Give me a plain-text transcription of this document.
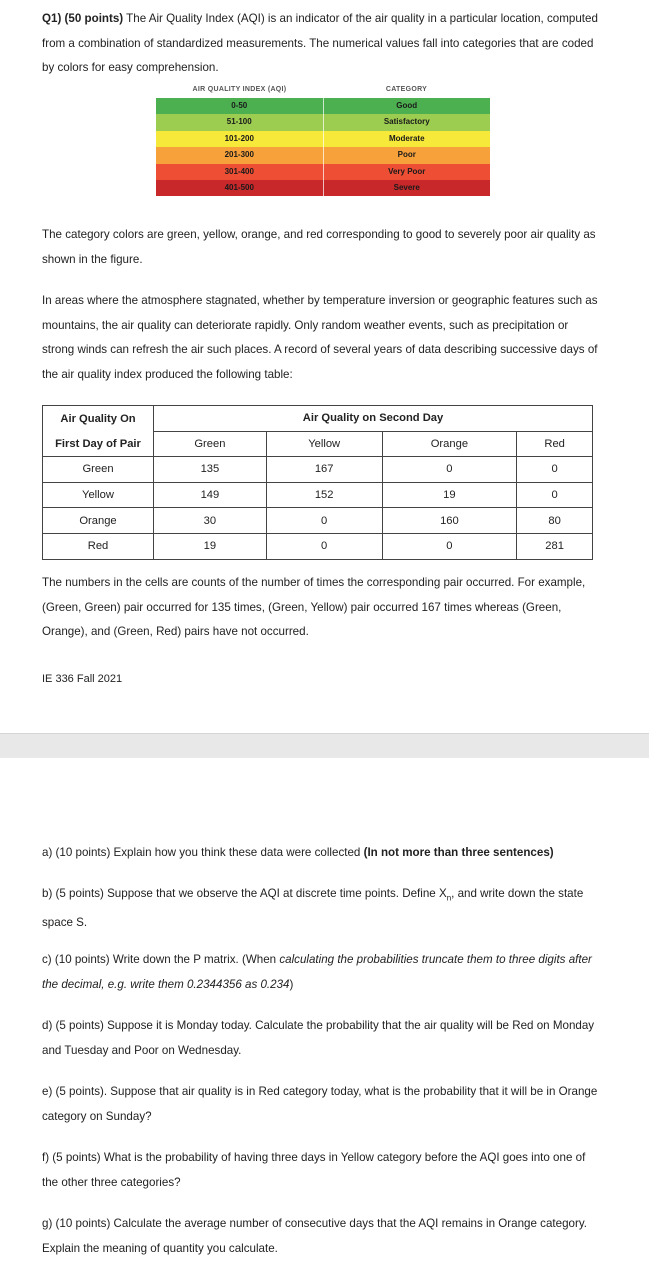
Q1) (50 points) The Air Quality Index (AQI) is an indicator of the air quality in a particular location, computed from a combination of standardized measurements. The numerical values fall into categories that are coded by colors for easy comprehension.

AIR QUALITY INDEX (AQI)	CATEGORY
0-50	Good
51-100	Satisfactory
101-200	Moderate
201-300	Poor
301-400	Very Poor
401-500	Severe

The category colors are green, yellow, orange, and red corresponding to good to severely poor air quality as shown in the figure.

In areas where the atmosphere stagnated, whether by temperature inversion or geographic features such as mountains, the air quality can deteriorate rapidly. Only random weather events, such as precipitation or strong winds can refresh the air such places. A record of several years of data describing successive days of the air quality index produced the following table:

Air Quality On	Air Quality on Second Day			
First Day of Pair	Green	Yellow	Orange	Red
Green	135	167	0	0
Yellow	149	152	19	0
Orange	30	0	160	80
Red	19	0	0	281

The numbers in the cells are counts of the number of times the corresponding pair occurred. For example, (Green, Green) pair occurred for 135 times, (Green, Yellow) pair occurred 167 times whereas (Green, Orange), and (Green, Red) pairs have not occurred.

IE 336 Fall 2021

a) (10 points) Explain how you think these data were collected (In not more than three sentences)

b) (5 points) Suppose that we observe the AQI at discrete time points. Define $X_n$, and write down the state space S.

c) (10 points) Write down the P matrix. (When calculating the probabilities truncate them to three digits after the decimal, e.g. write them 0.2344356 as 0.234)

d) (5 points) Suppose it is Monday today. Calculate the probability that the air quality will be Red on Monday and Tuesday and Poor on Wednesday.

e) (5 points). Suppose that air quality is in Red category today, what is the probability that it will be in Orange category on Sunday?

f) (5 points) What is the probability of having three days in Yellow category before the AQI goes into one of the other three categories?

g) (10 points) Calculate the average number of consecutive days that the AQI remains in Orange category. Explain the meaning of quantity you calculate.
